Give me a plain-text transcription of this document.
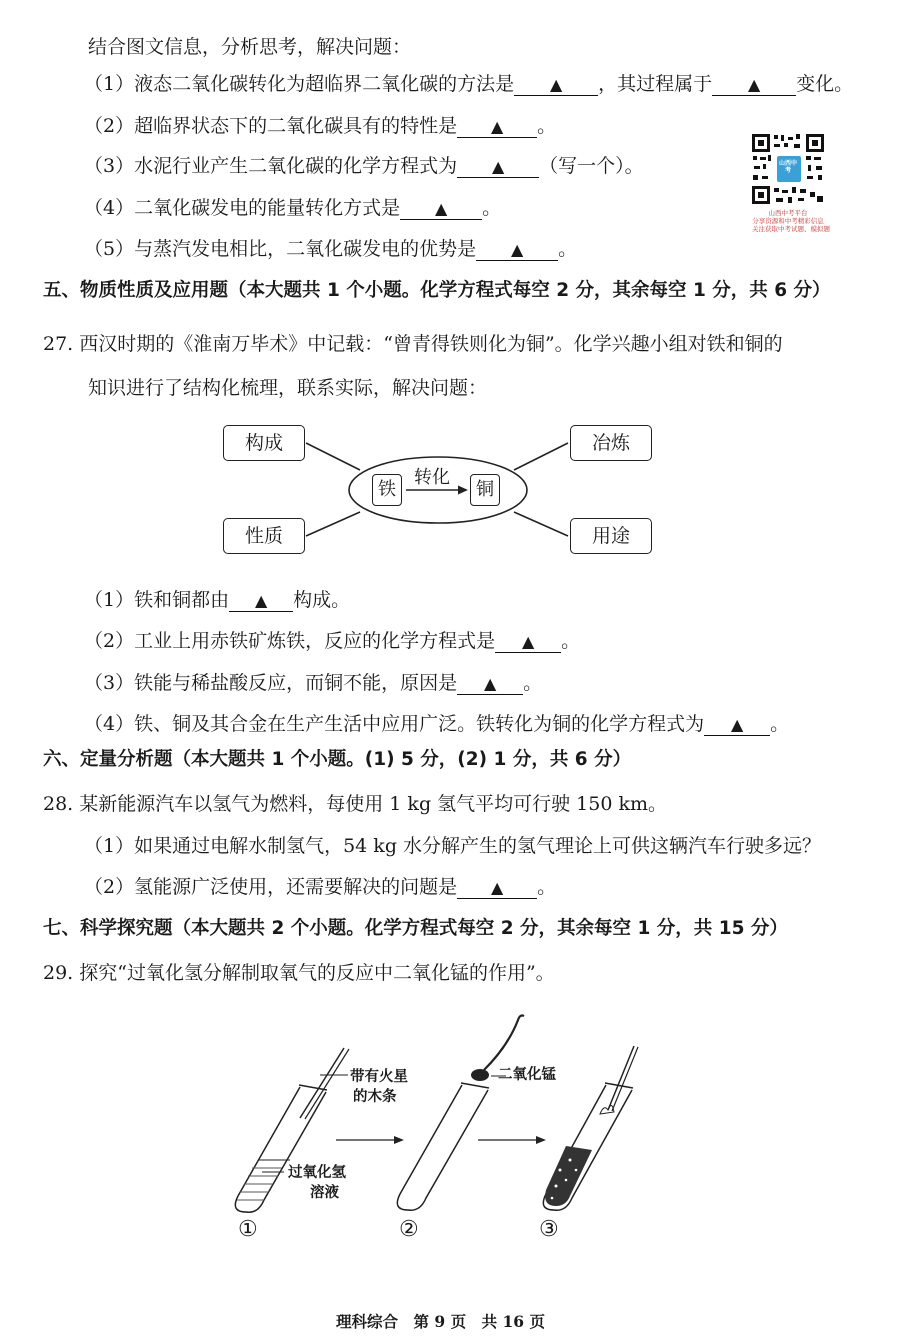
结合图文信息，分析思考，解决问题：
（1）液态二氧化碳转化为超临界二氧化碳的方法是 ▲ ，其过程属于 ▲ 变化。
（2）超临界状态下的二氧化碳具有的特性是 ▲ 。
（3）水泥行业产生二氧化碳的化学方程式为 ▲ （写一个）。
（4）二氧化碳发电的能量转化方式是 ▲ 。
（5）与蒸汽发电相比，二氧化碳发电的优势是 ▲ 。
山西中考
山西中考平台
分享资源和中考精彩信息
关注获取中考试题、模拟题
五、物质性质及应用题（本大题共 1 个小题。化学方程式每空 2 分，其余每空 1 分，共 6 分）
27. 西汉时期的《淮南万毕术》中记载：“曾青得铁则化为铜”。化学兴趣小组对铁和铜的
知识进行了结构化梳理，联系实际，解决问题：
构成	冶炼
性质	用途
铁	铜
转化
（1）铁和铜都由 ▲ 构成。
（2）工业上用赤铁矿炼铁，反应的化学方程式是 ▲ 。
（3）铁能与稀盐酸反应，而铜不能，原因是 ▲ 。
（4）铁、铜及其合金在生产生活中应用广泛。铁转化为铜的化学方程式为 ▲ 。
六、定量分析题（本大题共 1 个小题。(1) 5 分，(2) 1 分，共 6 分）
28. 某新能源汽车以氢气为燃料，每使用 1 kg 氢气平均可行驶 150 km。
（1）如果通过电解水制氢气，54 kg 水分解产生的氢气理论上可供这辆汽车行驶多远？
（2）氢能源广泛使用，还需要解决的问题是 ▲ 。
七、科学探究题（本大题共 2 个小题。化学方程式每空 2 分，其余每空 1 分，共 15 分）
29. 探究“过氧化氢分解制取氧气的反应中二氧化锰的作用”。
带有火星
的木条
过氧化氢
溶液
二氧化锰
①	②	③
理科综合　第 9 页　共 16 页
